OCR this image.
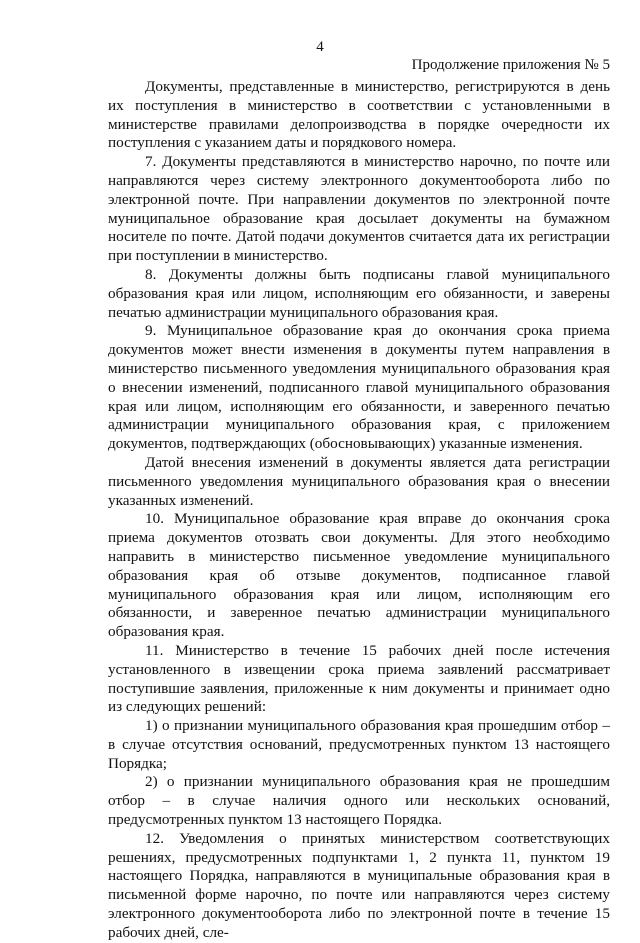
4
Продолжение приложения № 5

Документы, представленные в министерство, регистрируются в день их поступления в министерство в соответствии с установленными в министерстве правилами делопроизводства в порядке очередности их поступления с указанием даты и порядкового номера.

7. Документы представляются в министерство нарочно, по почте или направляются через систему электронного документооборота либо по электронной почте. При направлении документов по электронной почте муниципальное образование края досылает документы на бумажном носителе по почте. Датой подачи документов считается дата их регистрации при поступлении в министерство.

8. Документы должны быть подписаны главой муниципального образования края или лицом, исполняющим его обязанности, и заверены печатью администрации муниципального образования края.

9. Муниципальное образование края до окончания срока приема документов может внести изменения в документы путем направления в министерство письменного уведомления муниципального образования края о внесении изменений, подписанного главой муниципального образования края или лицом, исполняющим его обязанности, и заверенного печатью администрации муниципального образования края, с приложением документов, подтверждающих (обосновывающих) указанные изменения.

Датой внесения изменений в документы является дата регистрации письменного уведомления муниципального образования края о внесении указанных изменений.

10. Муниципальное образование края вправе до окончания срока приема документов отозвать свои документы. Для этого необходимо направить в министерство письменное уведомление муниципального образования края об отзыве документов, подписанное главой муниципального образования края или лицом, исполняющим его обязанности, и заверенное печатью администрации муниципального образования края.

11. Министерство в течение 15 рабочих дней после истечения установленного в извещении срока приема заявлений рассматривает поступившие заявления, приложенные к ним документы и принимает одно из следующих решений:

1) о признании муниципального образования края прошедшим отбор – в случае отсутствия оснований, предусмотренных пунктом 13 настоящего Порядка;

2) о признании муниципального образования края не прошедшим отбор – в случае наличия одного или нескольких оснований, предусмотренных пунктом 13 настоящего Порядка.

12. Уведомления о принятых министерством соответствующих решениях, предусмотренных подпунктами 1, 2 пункта 11, пунктом 19 настоящего Порядка, направляются в муниципальные образования края в письменной форме нарочно, по почте или направляются через систему электронного документооборота либо по электронной почте в течение 15 рабочих дней, сле-
